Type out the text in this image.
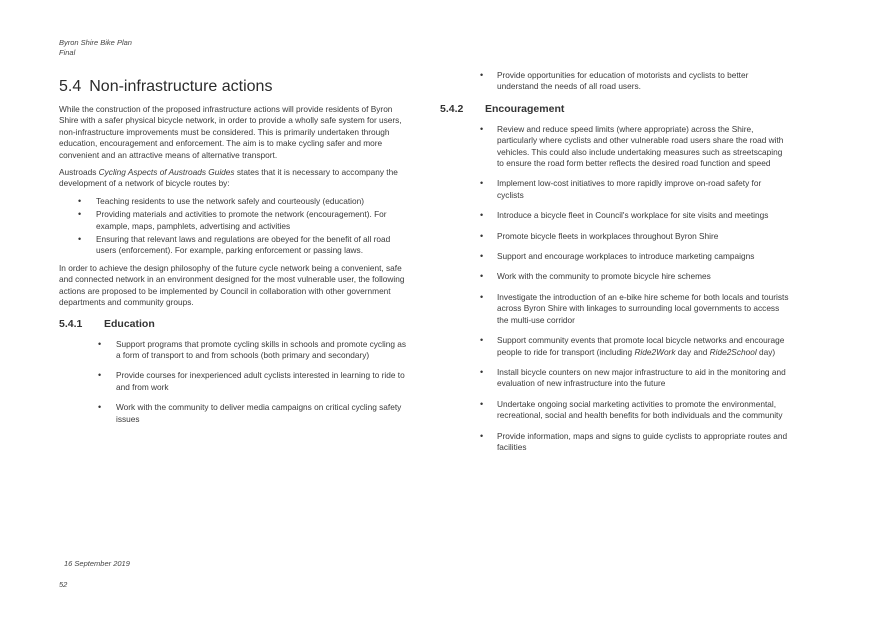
Byron Shire Bike Plan
Final
5.4 Non-infrastructure actions

While the construction of the proposed infrastructure actions will provide residents of Byron Shire with a safer physical bicycle network, in order to provide a wholly safe system for users, non-infrastructure improvements must be considered. This is primarily undertaken through education, encouragement and enforcement. The aim is to make cycling safer and more convenient and an attractive means of alternative transport.

Austroads Cycling Aspects of Austroads Guides states that it is necessary to accompany the development of a network of bicycle routes by:

• Teaching residents to use the network safely and courteously (education)
• Providing materials and activities to promote the network (encouragement). For example, maps, pamphlets, advertising and activities
• Ensuring that relevant laws and regulations are obeyed for the benefit of all road users (enforcement). For example, parking enforcement or passing laws.

In order to achieve the design philosophy of the future cycle network being a convenient, safe and connected network in an environment designed for the most vulnerable user, the following actions are proposed to be implemented by Council in collaboration with other government departments and community groups.

5.4.1 Education
• Support programs that promote cycling skills in schools and promote cycling as a form of transport to and from schools (both primary and secondary)
• Provide courses for inexperienced adult cyclists interested in learning to ride to and from work
• Work with the community to deliver media campaigns on critical cycling safety issues
• Provide opportunities for education of motorists and cyclists to better understand the needs of all road users.
5.4.2 Encouragement
• Review and reduce speed limits (where appropriate) across the Shire, particularly where cyclists and other vulnerable road users share the road with vehicles. This could also include undertaking measures such as streetscaping to ensure the road form better reflects the desired road function and speed
• Implement low-cost initiatives to more rapidly improve on-road safety for cyclists
• Introduce a bicycle fleet in Council's workplace for site visits and meetings
• Promote bicycle fleets in workplaces throughout Byron Shire
• Support and encourage workplaces to introduce marketing campaigns
• Work with the community to promote bicycle hire schemes
• Investigate the introduction of an e-bike hire scheme for both locals and tourists across Byron Shire with linkages to surrounding local governments to access the multi-use corridor
• Support community events that promote local bicycle networks and encourage people to ride for transport (including Ride2Work day and Ride2School day)
• Install bicycle counters on new major infrastructure to aid in the monitoring and evaluation of new infrastructure into the future
• Undertake ongoing social marketing activities to promote the environmental, recreational, social and health benefits for both individuals and the community
• Provide information, maps and signs to guide cyclists to appropriate routes and facilities
16 September 2019
52
